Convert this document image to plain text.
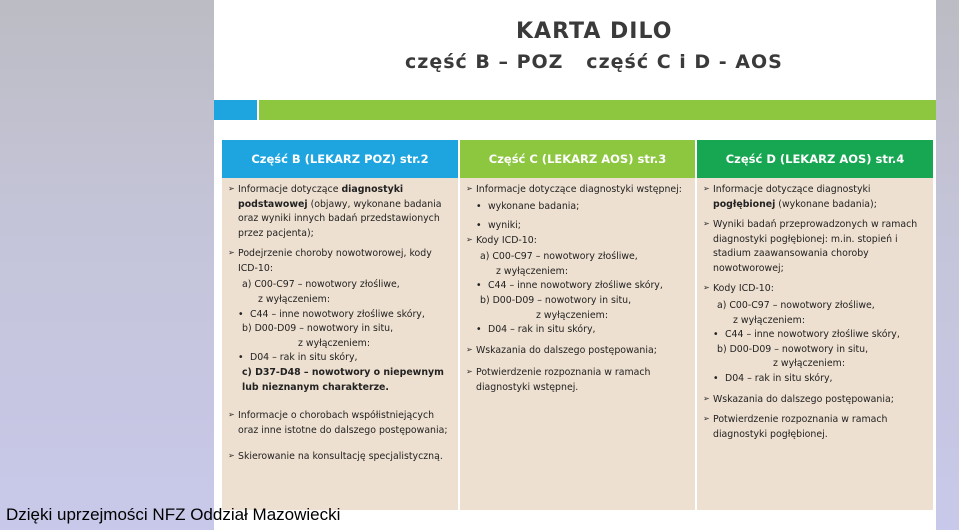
KARTA DILO
część B – POZ   część C i D - AOS
Część B (LEKARZ POZ) str.2
➢ Informacje dotyczące diagnostyki podstawowej (objawy, wykonane badania oraz wyniki innych badań przedstawionych przez pacjenta);
➢ Podejrzenie choroby nowotworowej, kody ICD-10:
a) C00-C97 – nowotwory złośliwe,
z wyłączeniem:
• C44 – inne nowotwory złośliwe skóry,
b) D00-D09 – nowotwory in situ,
z wyłączeniem:
• D04 – rak in situ skóry,
c) D37-D48 – nowotwory o niepewnym lub nieznanym charakterze.
➢ Informacje o chorobach współistniejących oraz inne istotne do dalszego postępowania;
➢ Skierowanie na konsultację specjalistyczną.
Część C (LEKARZ AOS) str.3
➢ Informacje dotyczące diagnostyki wstępnej:
• wykonane badania;
• wyniki;
➢ Kody ICD-10:
a) C00-C97 – nowotwory złośliwe,
z wyłączeniem:
• C44 – inne nowotwory złośliwe skóry,
b) D00-D09 – nowotwory in situ,
z wyłączeniem:
• D04 – rak in situ skóry,
➢ Wskazania do dalszego postępowania;
➢ Potwierdzenie rozpoznania w ramach diagnostyki wstępnej.
Część D (LEKARZ AOS) str.4
➢ Informacje dotyczące diagnostyki pogłębionej (wykonane badania);
➢ Wyniki badań przeprowadzonych w ramach diagnostyki pogłębionej: m.in. stopień i stadium zaawansowania choroby nowotworowej;
➢ Kody ICD-10:
a) C00-C97 – nowotwory złośliwe,
z wyłączeniem:
• C44 – inne nowotwory złośliwe skóry,
b) D00-D09 – nowotwory in situ,
z wyłączeniem:
• D04 – rak in situ skóry,
➢ Wskazania do dalszego postępowania;
➢ Potwierdzenie rozpoznania w ramach diagnostyki pogłębionej.
Dzięki uprzejmości NFZ Oddział Mazowiecki
